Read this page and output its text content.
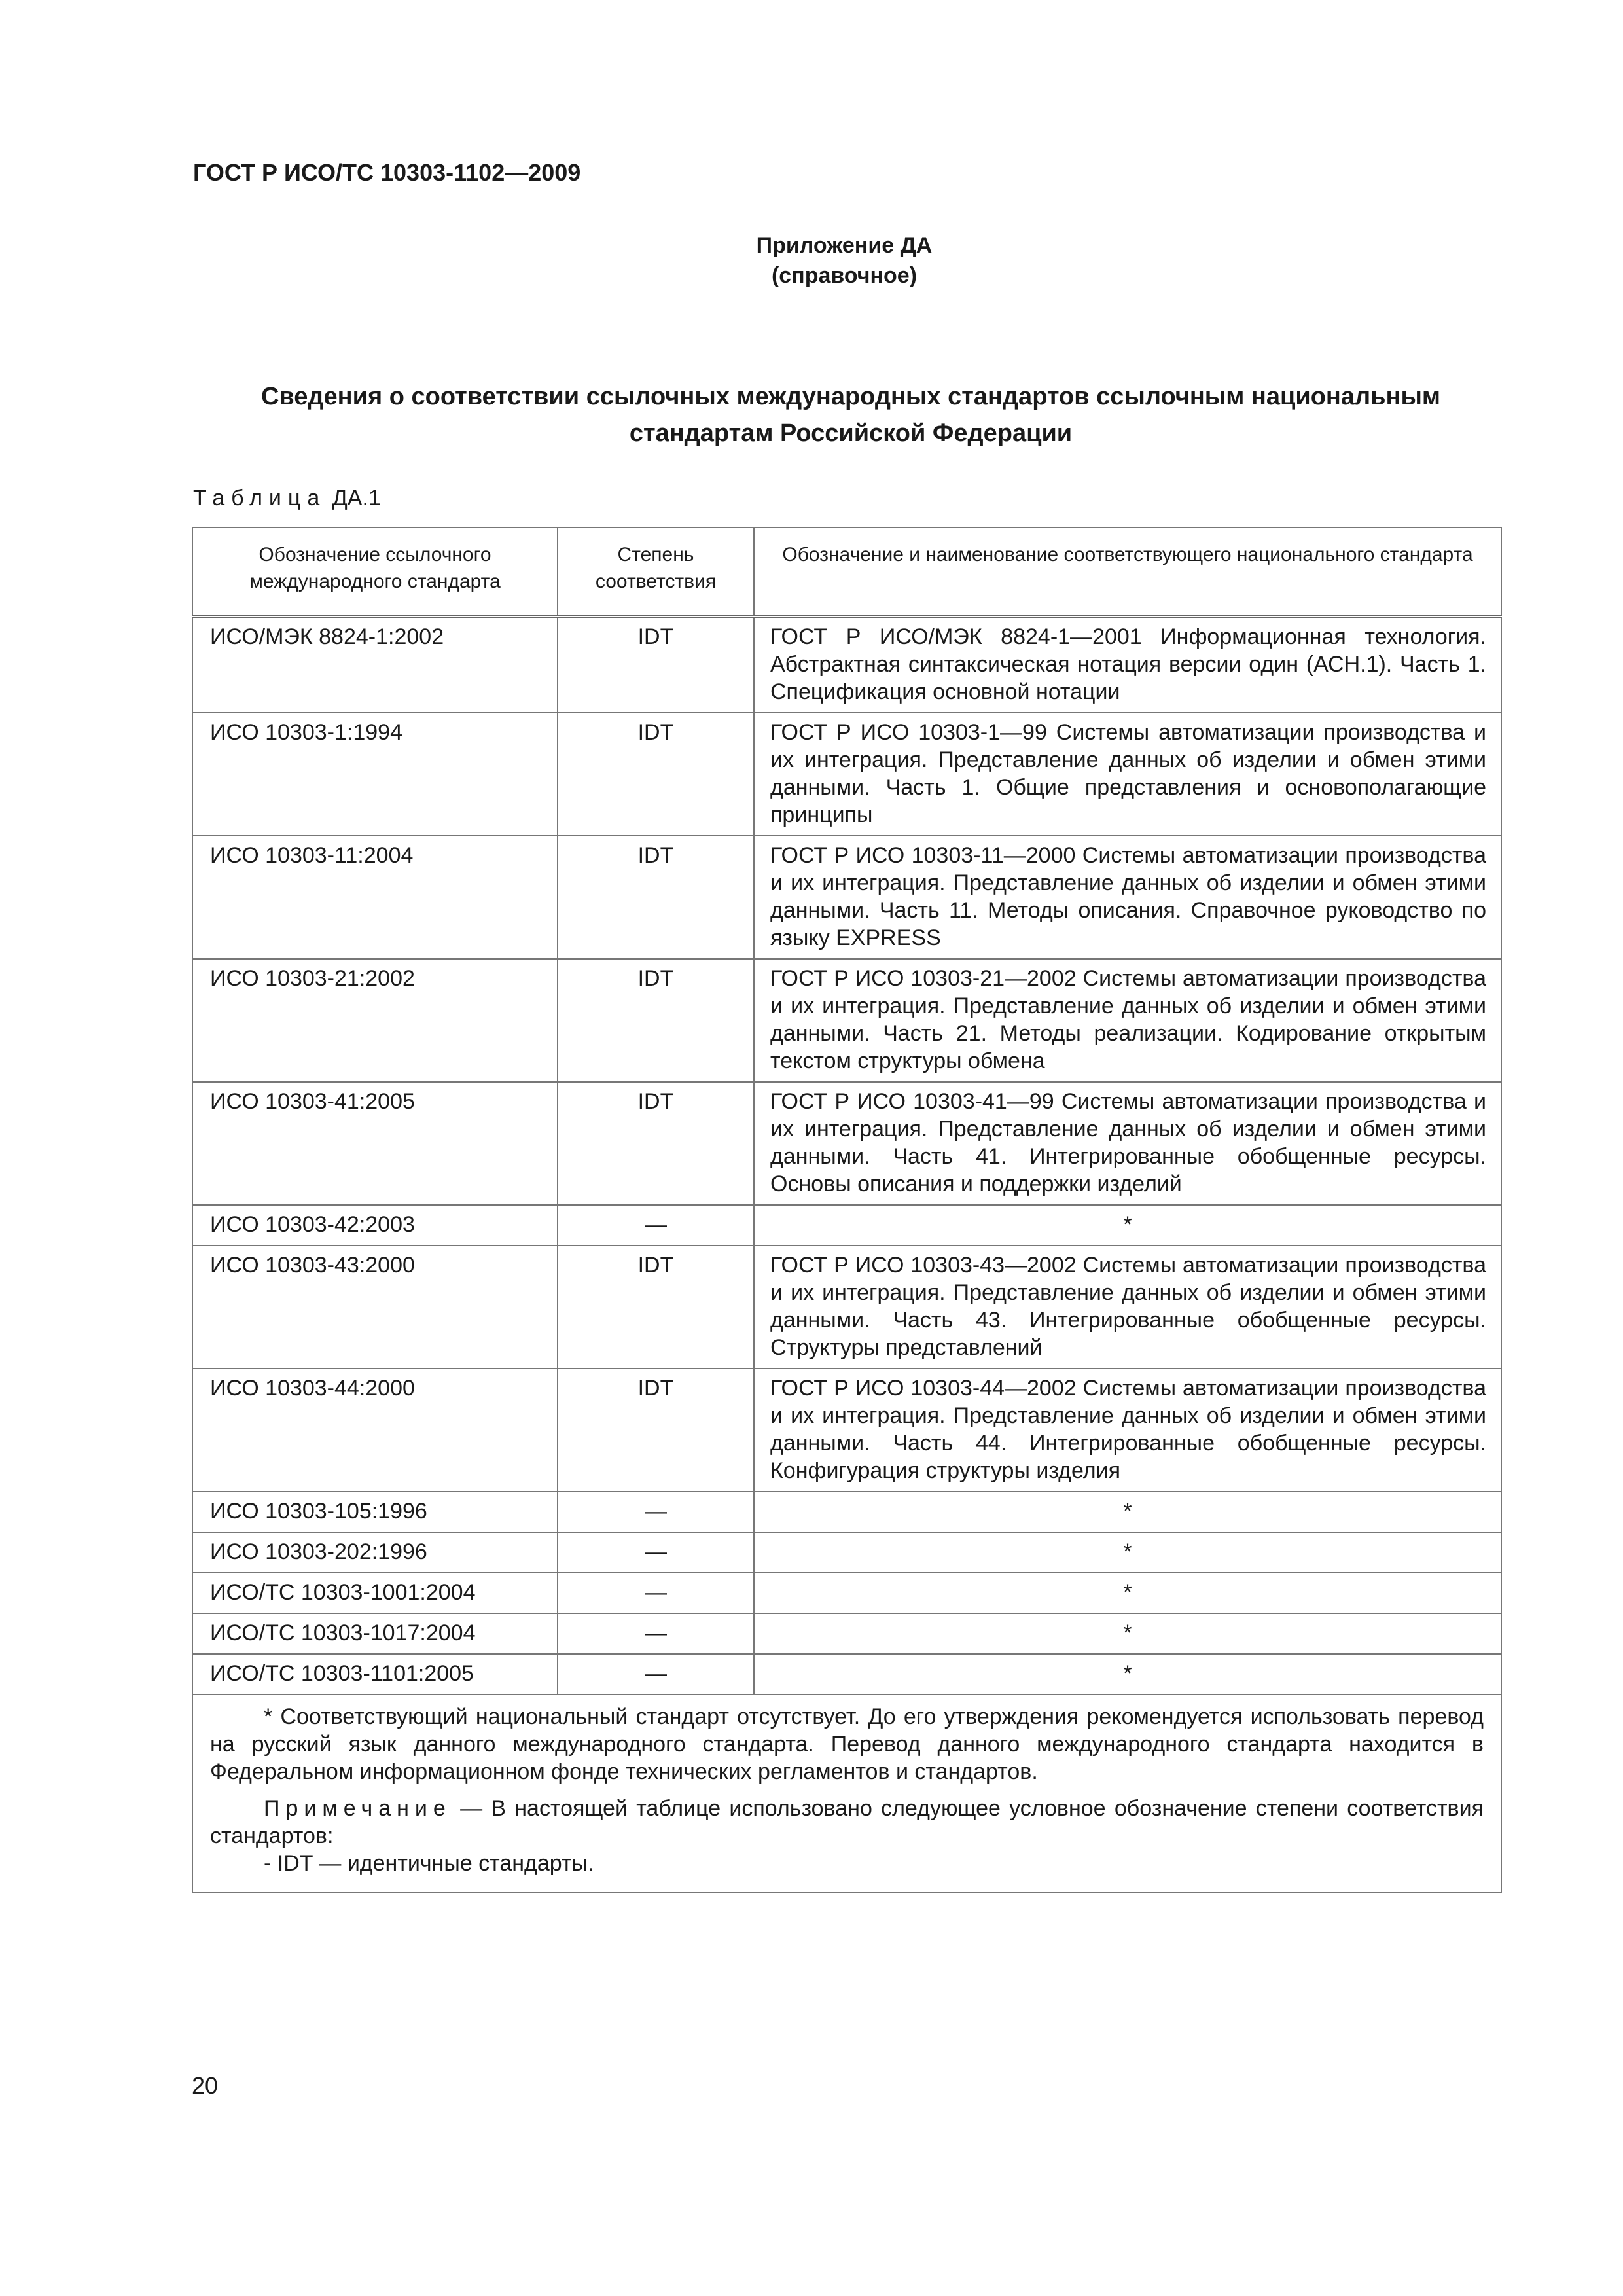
ГОСТ Р ИСО/ТС 10303-1102—2009
Приложение ДА
(справочное)
Сведения о соответствии ссылочных международных стандартов ссылочным национальным стандартам Российской Федерации
Таблица ДА.1
Обозначение ссылочного международного стандарта	Степень соответствия	Обозначение и наименование соответствующего национального стандарта
ИСО/МЭК 8824-1:2002	IDT	ГОСТ Р ИСО/МЭК 8824-1—2001 Информационная технология. Абстрактная синтаксическая нотация версии один (АСН.1). Часть 1. Спецификация основной нотации
ИСО 10303-1:1994	IDT	ГОСТ Р ИСО 10303-1—99 Системы автоматизации производства и их интеграция. Представление данных об изделии и обмен этими данными. Часть 1. Общие представления и основополагающие принципы
ИСО 10303-11:2004	IDT	ГОСТ Р ИСО 10303-11—2000 Системы автоматизации производства и их интеграция. Представление данных об изделии и обмен этими данными. Часть 11. Методы описания. Справочное руководство по языку EXPRESS
ИСО 10303-21:2002	IDT	ГОСТ Р ИСО 10303-21—2002 Системы автоматизации производства и их интеграция. Представление данных об изделии и обмен этими данными. Часть 21. Методы реализации. Кодирование открытым текстом структуры обмена
ИСО 10303-41:2005	IDT	ГОСТ Р ИСО 10303-41—99 Системы автоматизации производства и их интеграция. Представление данных об изделии и обмен этими данными. Часть 41. Интегрированные обобщенные ресурсы. Основы описания и поддержки изделий
ИСО 10303-42:2003	—	*
ИСО 10303-43:2000	IDT	ГОСТ Р ИСО 10303-43—2002 Системы автоматизации производства и их интеграция. Представление данных об изделии и обмен этими данными. Часть 43. Интегрированные обобщенные ресурсы. Структуры представлений
ИСО 10303-44:2000	IDT	ГОСТ Р ИСО 10303-44—2002 Системы автоматизации производства и их интеграция. Представление данных об изделии и обмен этими данными. Часть 44. Интегрированные обобщенные ресурсы. Конфигурация структуры изделия
ИСО 10303-105:1996	—	*
ИСО 10303-202:1996	—	*
ИСО/ТС 10303-1001:2004	—	*
ИСО/ТС 10303-1017:2004	—	*
ИСО/ТС 10303-1101:2005	—	*

* Соответствующий национальный стандарт отсутствует. До его утверждения рекомендуется использовать перевод на русский язык данного международного стандарта. Перевод данного международного стандарта находится в Федеральном информационном фонде технических регламентов и стандартов.

Примечание — В настоящей таблице использовано следующее условное обозначение степени соответствия стандартов:

- IDT — идентичные стандарты.		

20
